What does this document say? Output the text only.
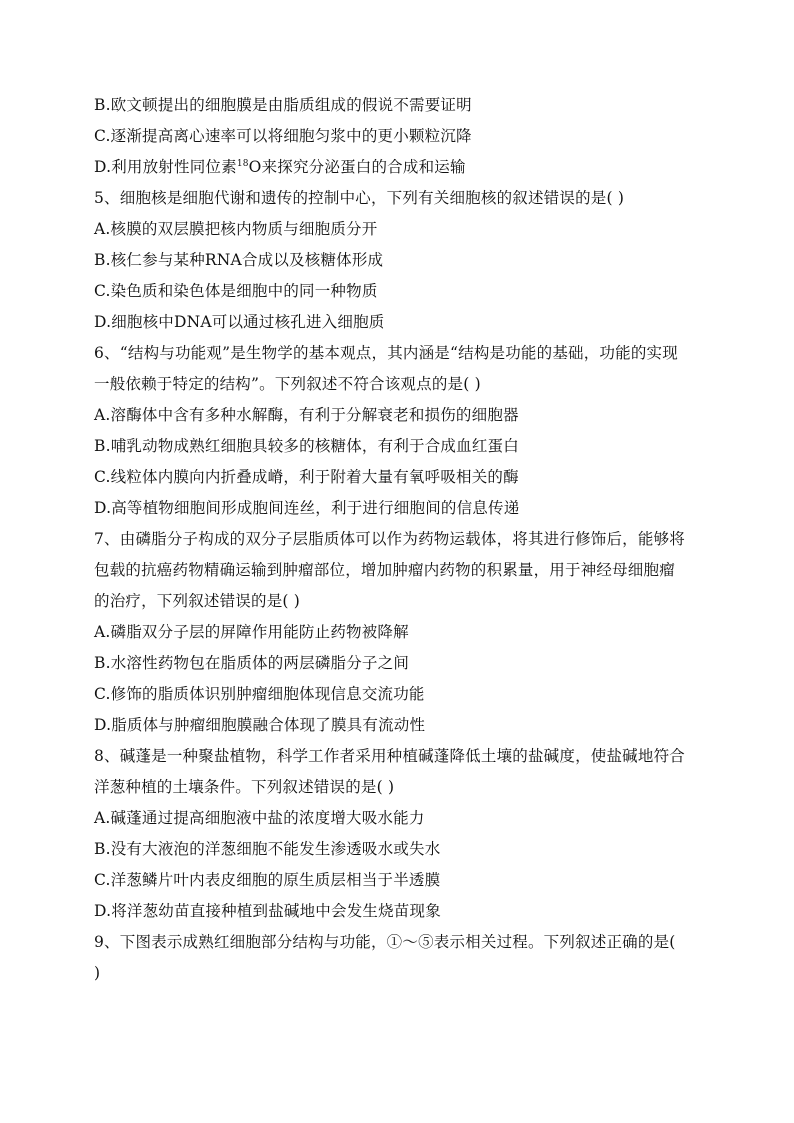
B.欧文顿提出的细胞膜是由脂质组成的假说不需要证明
C.逐渐提高离心速率可以将细胞匀浆中的更小颗粒沉降
D.利用放射性同位素$^{18}$O来探究分泌蛋白的合成和运输
5、细胞核是细胞代谢和遗传的控制中心，下列有关细胞核的叙述错误的是( )
A.核膜的双层膜把核内物质与细胞质分开
B.核仁参与某种RNA合成以及核糖体形成
C.染色质和染色体是细胞中的同一种物质
D.细胞核中DNA可以通过核孔进入细胞质
6、“结构与功能观”是生物学的基本观点，其内涵是“结构是功能的基础，功能的实现
一般依赖于特定的结构”。下列叙述不符合该观点的是( )
A.溶酶体中含有多种水解酶，有利于分解衰老和损伤的细胞器
B.哺乳动物成熟红细胞具较多的核糖体，有利于合成血红蛋白
C.线粒体内膜向内折叠成嵴，利于附着大量有氧呼吸相关的酶
D.高等植物细胞间形成胞间连丝，利于进行细胞间的信息传递
7、由磷脂分子构成的双分子层脂质体可以作为药物运载体，将其进行修饰后，能够将
包载的抗癌药物精确运输到肿瘤部位，增加肿瘤内药物的积累量，用于神经母细胞瘤
的治疗，下列叙述错误的是( )
A.磷脂双分子层的屏障作用能防止药物被降解
B.水溶性药物包在脂质体的两层磷脂分子之间
C.修饰的脂质体识别肿瘤细胞体现信息交流功能
D.脂质体与肿瘤细胞膜融合体现了膜具有流动性
8、碱蓬是一种聚盐植物，科学工作者采用种植碱蓬降低土壤的盐碱度，使盐碱地符合
洋葱种植的土壤条件。下列叙述错误的是( )
A.碱蓬通过提高细胞液中盐的浓度增大吸水能力
B.没有大液泡的洋葱细胞不能发生渗透吸水或失水
C.洋葱鳞片叶内表皮细胞的原生质层相当于半透膜
D.将洋葱幼苗直接种植到盐碱地中会发生烧苗现象
9、下图表示成熟红细胞部分结构与功能，①～⑤表示相关过程。下列叙述正确的是(
)
